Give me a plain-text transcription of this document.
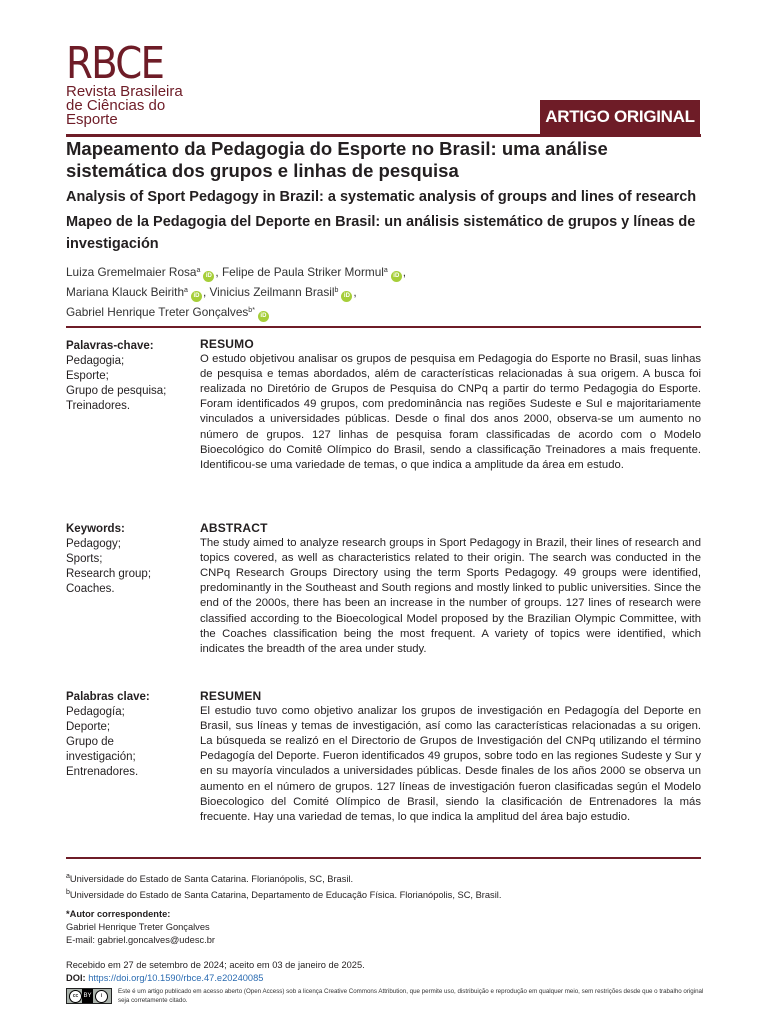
RBCE
Revista Brasileira
de Ciências do
Esporte	ARTIGO ORIGINAL
Mapeamento da Pedagogia do Esporte no Brasil: uma análise sistemática dos grupos e linhas de pesquisa
Analysis of Sport Pedagogy in Brazil: a systematic analysis of groups and lines of research
Mapeo de la Pedagogia del Deporte en Brasil: un análisis sistemático de grupos y líneas de investigación
Luiza Gremelmaier Rosa$^a$iD , Felipe de Paula Striker Mormul$^a$iD ,
Mariana Klauck Beirith$^a$iD , Vinicius Zeilmann Brasil$^b$iD ,
Gabriel Henrique Treter Gonçalves$^{b*}$iD
Palavras-chave:
Pedagogia;
Esporte;
Grupo de pesquisa;
Treinadores.
RESUMO
O estudo objetivou analisar os grupos de pesquisa em Pedagogia do Esporte no Brasil, suas linhas de pesquisa e temas abordados, além de características relacionadas à sua origem. A busca foi realizada no Diretório de Grupos de Pesquisa do CNPq a partir do termo Pedagogia do Esporte. Foram identificados 49 grupos, com predominância nas regiões Sudeste e Sul e majoritariamente vinculados a universidades públicas. Desde o final dos anos 2000, observa-se um aumento no número de grupos. 127 linhas de pesquisa foram classificadas de acordo com o Modelo Bioecológico do Comitê Olímpico do Brasil, sendo a classificação Treinadores a mais frequente. Identificou-se uma variedade de temas, o que indica a amplitude da área em estudo.
Keywords:
Pedagogy;
Sports;
Research group;
Coaches.
ABSTRACT
The study aimed to analyze research groups in Sport Pedagogy in Brazil, their lines of research and topics covered, as well as characteristics related to their origin. The search was conducted in the CNPq Research Groups Directory using the term Sports Pedagogy. 49 groups were identified, predominantly in the Southeast and South regions and mostly linked to public universities. Since the end of the 2000s, there has been an increase in the number of groups. 127 lines of research were classified according to the Bioecological Model proposed by the Brazilian Olympic Committee, with the Coaches classification being the most frequent. A variety of topics were identified, which indicates the breadth of the area under study.
Palabras clave:
Pedagogía;
Deporte;
Grupo de investigación;
Entrenadores.
RESUMEN
El estudio tuvo como objetivo analizar los grupos de investigación en Pedagogía del Deporte en Brasil, sus líneas y temas de investigación, así como las características relacionadas a su origen. La búsqueda se realizó en el Directorio de Grupos de Investigación del CNPq utilizando el término Pedagogía del Deporte. Fueron identificados 49 grupos, sobre todo en las regiones Sudeste y Sur y en su mayoría vinculados a universidades públicas. Desde finales de los años 2000 se observa un aumento en el número de grupos. 127 líneas de investigación fueron clasificadas según el Modelo Bioecologico del Comité Olímpico de Brasil, siendo la clasificación de Entrenadores la más frecuente. Hay una variedad de temas, lo que indica la amplitud del área bajo estudio.
$^a$Universidade do Estado de Santa Catarina. Florianópolis, SC, Brasil.
$^b$Universidade do Estado de Santa Catarina, Departamento de Educação Física. Florianópolis, SC, Brasil.
*Autor correspondente:
Gabriel Henrique Treter Gonçalves
E-mail: gabriel.goncalves@udesc.br
Recebido em 27 de setembro de 2024; aceito em 03 de janeiro de 2025.
DOI: https://doi.org/10.1590/rbce.47.e20240085
cc BY	i
Este é um artigo publicado em acesso aberto (Open Access) sob a licença Creative Commons Attribution, que permite uso, distribuição e reprodução em qualquer meio, sem restrições desde que o trabalho original seja corretamente citado.
